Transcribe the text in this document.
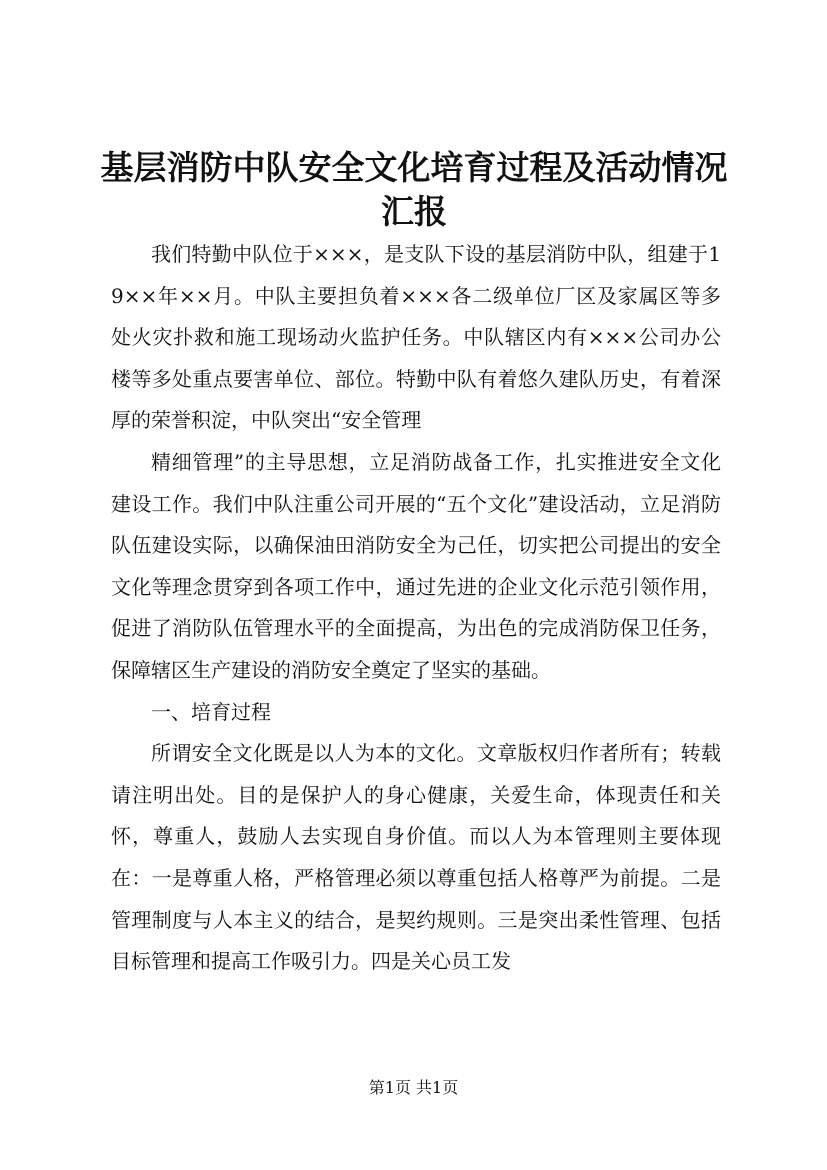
基层消防中队安全文化培育过程及活动情况汇报

我们特勤中队位于×××，是支队下设的基层消防中队，组建于19××年××月。中队主要担负着×××各二级单位厂区及家属区等多处火灾扑救和施工现场动火监护任务。中队辖区内有×××公司办公楼等多处重点要害单位、部位。特勤中队有着悠久建队历史，有着深厚的荣誉积淀，中队突出“安全管理

精细管理”的主导思想，立足消防战备工作，扎实推进安全文化建设工作。我们中队注重公司开展的“五个文化”建设活动，立足消防队伍建设实际，以确保油田消防安全为己任，切实把公司提出的安全文化等理念贯穿到各项工作中，通过先进的企业文化示范引领作用，促进了消防队伍管理水平的全面提高，为出色的完成消防保卫任务，保障辖区生产建设的消防安全奠定了坚实的基础。

一、培育过程

所谓安全文化既是以人为本的文化。文章版权归作者所有；转载请注明出处。目的是保护人的身心健康，关爱生命，体现责任和关怀，尊重人，鼓励人去实现自身价值。而以人为本管理则主要体现在：一是尊重人格，严格管理必须以尊重包括人格尊严为前提。二是管理制度与人本主义的结合，是契约规则。三是突出柔性管理、包括目标管理和提高工作吸引力。四是关心员工发

第1页 共1页
